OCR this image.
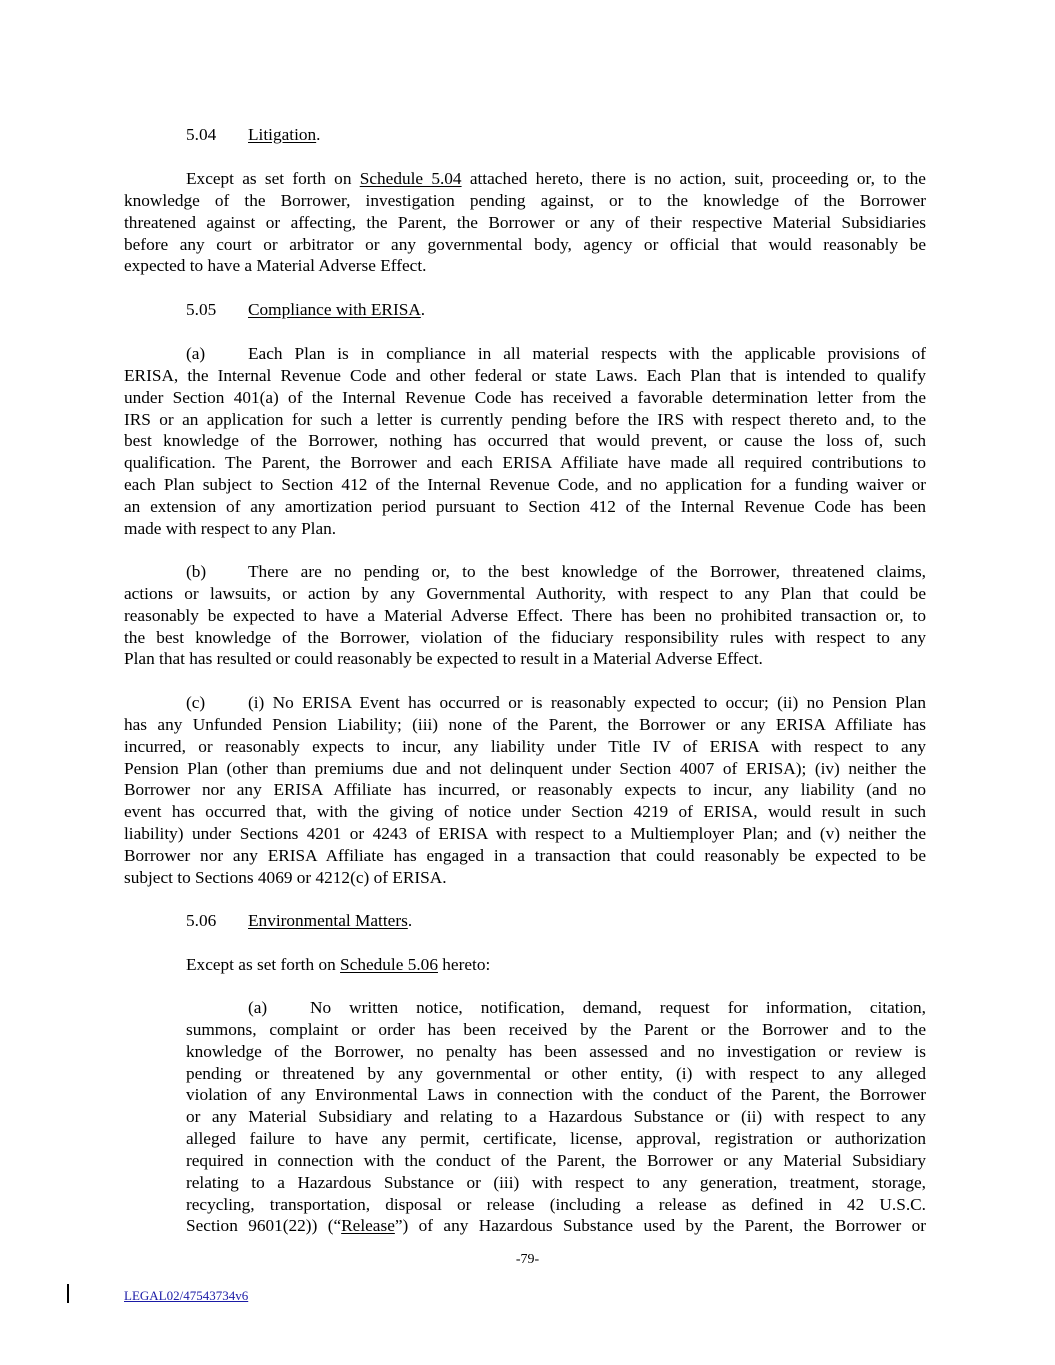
5.04 Litigation.
Except as set forth on Schedule 5.04 attached hereto, there is no action, suit, proceeding or, to the
knowledge of the Borrower, investigation pending against, or to the knowledge of the Borrower
threatened against or affecting, the Parent, the Borrower or any of their respective Material Subsidiaries
before any court or arbitrator or any governmental body, agency or official that would reasonably be
expected to have a Material Adverse Effect.
5.05 Compliance with ERISA.
(a) Each Plan is in compliance in all material respects with the applicable provisions of
ERISA, the Internal Revenue Code and other federal or state Laws. Each Plan that is intended to qualify
under Section 401(a) of the Internal Revenue Code has received a favorable determination letter from the
IRS or an application for such a letter is currently pending before the IRS with respect thereto and, to the
best knowledge of the Borrower, nothing has occurred that would prevent, or cause the loss of, such
qualification. The Parent, the Borrower and each ERISA Affiliate have made all required contributions to
each Plan subject to Section 412 of the Internal Revenue Code, and no application for a funding waiver or
an extension of any amortization period pursuant to Section 412 of the Internal Revenue Code has been
made with respect to any Plan.
(b) There are no pending or, to the best knowledge of the Borrower, threatened claims,
actions or lawsuits, or action by any Governmental Authority, with respect to any Plan that could be
reasonably be expected to have a Material Adverse Effect. There has been no prohibited transaction or, to
the best knowledge of the Borrower, violation of the fiduciary responsibility rules with respect to any
Plan that has resulted or could reasonably be expected to result in a Material Adverse Effect.
(c) (i) No ERISA Event has occurred or is reasonably expected to occur; (ii) no Pension Plan
has any Unfunded Pension Liability; (iii) none of the Parent, the Borrower or any ERISA Affiliate has
incurred, or reasonably expects to incur, any liability under Title IV of ERISA with respect to any
Pension Plan (other than premiums due and not delinquent under Section 4007 of ERISA); (iv) neither the
Borrower nor any ERISA Affiliate has incurred, or reasonably expects to incur, any liability (and no
event has occurred that, with the giving of notice under Section 4219 of ERISA, would result in such
liability) under Sections 4201 or 4243 of ERISA with respect to a Multiemployer Plan; and (v) neither the
Borrower nor any ERISA Affiliate has engaged in a transaction that could reasonably be expected to be
subject to Sections 4069 or 4212(c) of ERISA.
5.06 Environmental Matters.
Except as set forth on Schedule 5.06 hereto:
(a) No written notice, notification, demand, request for information, citation,
summons, complaint or order has been received by the Parent or the Borrower and to the
knowledge of the Borrower, no penalty has been assessed and no investigation or review is
pending or threatened by any governmental or other entity, (i) with respect to any alleged
violation of any Environmental Laws in connection with the conduct of the Parent, the Borrower
or any Material Subsidiary and relating to a Hazardous Substance or (ii) with respect to any
alleged failure to have any permit, certificate, license, approval, registration or authorization
required in connection with the conduct of the Parent, the Borrower or any Material Subsidiary
relating to a Hazardous Substance or (iii) with respect to any generation, treatment, storage,
recycling, transportation, disposal or release (including a release as defined in 42 U.S.C.
Section 9601(22)) (“Release”) of any Hazardous Substance used by the Parent, the Borrower or
-79-
LEGAL02/47543734v6
